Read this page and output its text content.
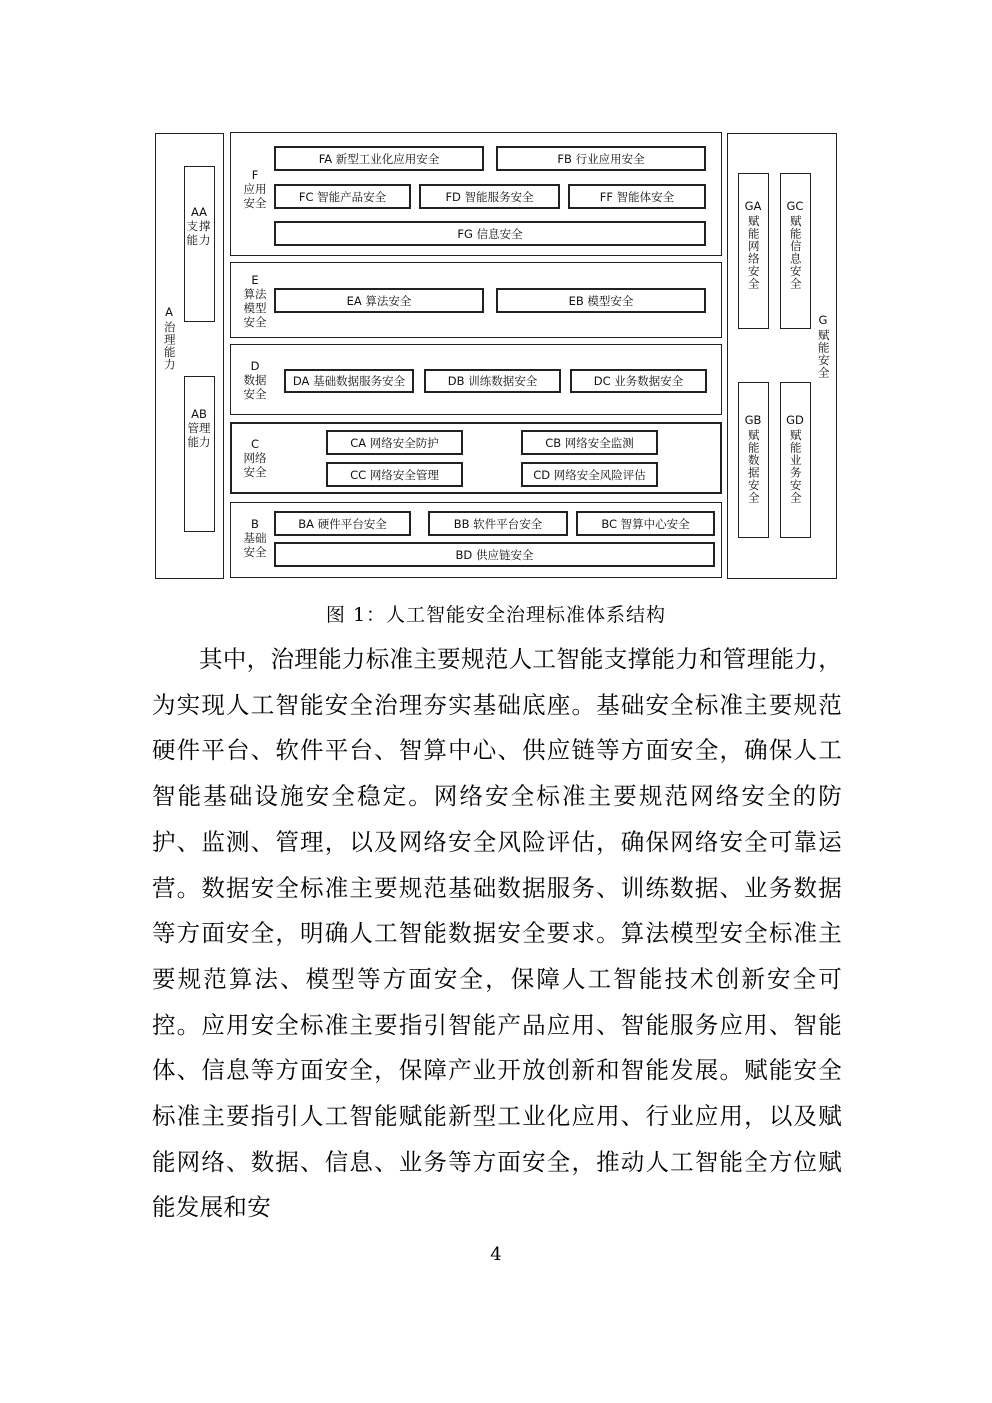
A
治理能力
AA
支撑能力
AB
管理能力
F
应用
安全
FA 新型工业化应用安全	FB 行业应用安全
FC 智能产品安全	FD 智能服务安全	FF 智能体安全
FG 信息安全
E
算法
模型
安全
EA 算法安全	EB 模型安全
D
数据
安全
DA 基础数据服务安全	DB 训练数据安全	DC 业务数据安全
C
网络
安全
CA 网络安全防护	CB 网络安全监测
CC 网络安全管理	CD 网络安全风险评估
B
基础
安全
BA 硬件平台安全	BB 软件平台安全	BC 智算中心安全
BD 供应链安全
G
赋能安全
GA
赋能网络安全
GC
赋能信息安全
GB
赋能数据安全
GD
赋能业务安全
图 1：人工智能安全治理标准体系结构

其中，治理能力标准主要规范人工智能支撑能力和管理能力，为实现人工智能安全治理夯实基础底座。基础安全标准主要规范硬件平台、软件平台、智算中心、供应链等方面安全，确保人工智能基础设施安全稳定。网络安全标准主要规范网络安全的防护、监测、管理，以及网络安全风险评估，确保网络安全可靠运营。数据安全标准主要规范基础数据服务、训练数据、业务数据等方面安全，明确人工智能数据安全要求。算法模型安全标准主要规范算法、模型等方面安全，保障人工智能技术创新安全可控。应用安全标准主要指引智能产品应用、智能服务应用、智能体、信息等方面安全，保障产业开放创新和智能发展。赋能安全标准主要指引人工智能赋能新型工业化应用、行业应用，以及赋能网络、数据、信息、业务等方面安全，推动人工智能全方位赋能发展和安

4
